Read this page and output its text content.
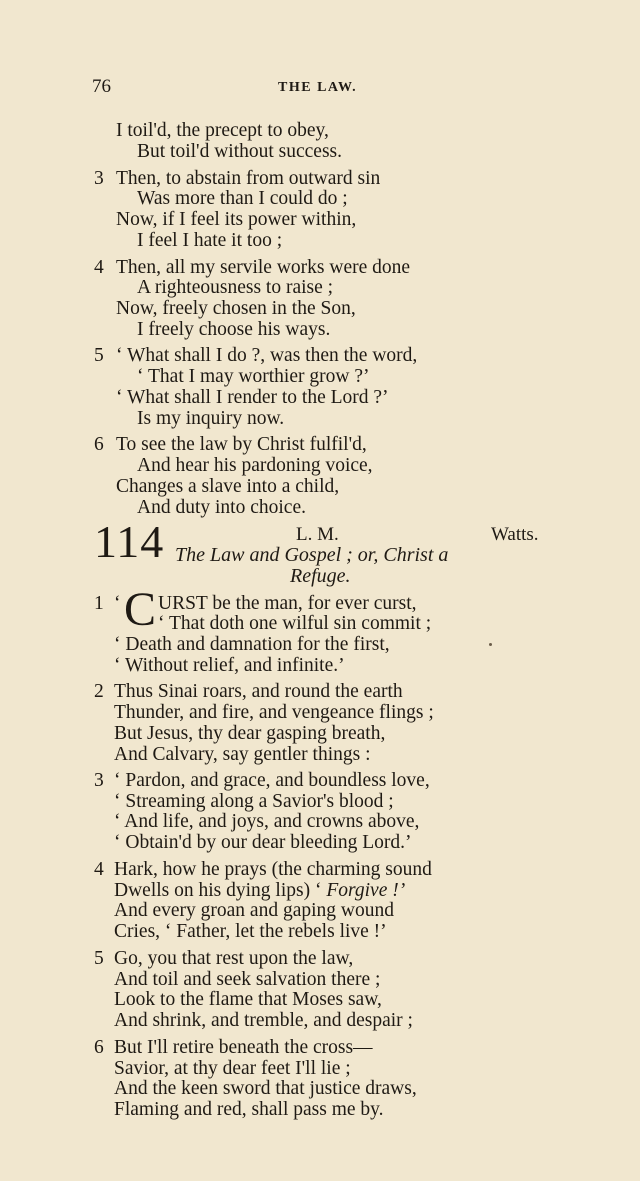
76	THE LAW.
I toil'd, the precept to obey,
But toil'd without success.
3 Then, to abstain from outward sin
Was more than I could do ;
Now, if I feel its power within,
I feel I hate it too ;
4 Then, all my servile works were done
A righteousness to raise ;
Now, freely chosen in the Son,
I freely choose his ways.
5 ‘ What shall I do ?, was then the word,
‘ That I may worthier grow ?’
‘ What shall I render to the Lord ?’
Is my inquiry now.
6 To see the law by Christ fulfil'd,
And hear his pardoning voice,
Changes a slave into a child,
And duty into choice.
114	L. M.	Watts.
The Law and Gospel ; or, Christ a
Refuge.
1 ‘ C URST be the man, for ever curst,
‘ That doth one wilful sin commit ;
‘ Death and damnation for the first,
‘ Without relief, and infinite.’
2 Thus Sinai roars, and round the earth
Thunder, and fire, and vengeance flings ;
But Jesus, thy dear gasping breath,
And Calvary, say gentler things :
3 ‘ Pardon, and grace, and boundless love,
‘ Streaming along a Savior's blood ;
‘ And life, and joys, and crowns above,
‘ Obtain'd by our dear bleeding Lord.’
4 Hark, how he prays (the charming sound
Dwells on his dying lips) ‘ Forgive !’
And every groan and gaping wound
Cries, ‘ Father, let the rebels live !’
5 Go, you that rest upon the law,
And toil and seek salvation there ;
Look to the flame that Moses saw,
And shrink, and tremble, and despair ;
6 But I'll retire beneath the cross—
Savior, at thy dear feet I'll lie ;
And the keen sword that justice draws,
Flaming and red, shall pass me by.
